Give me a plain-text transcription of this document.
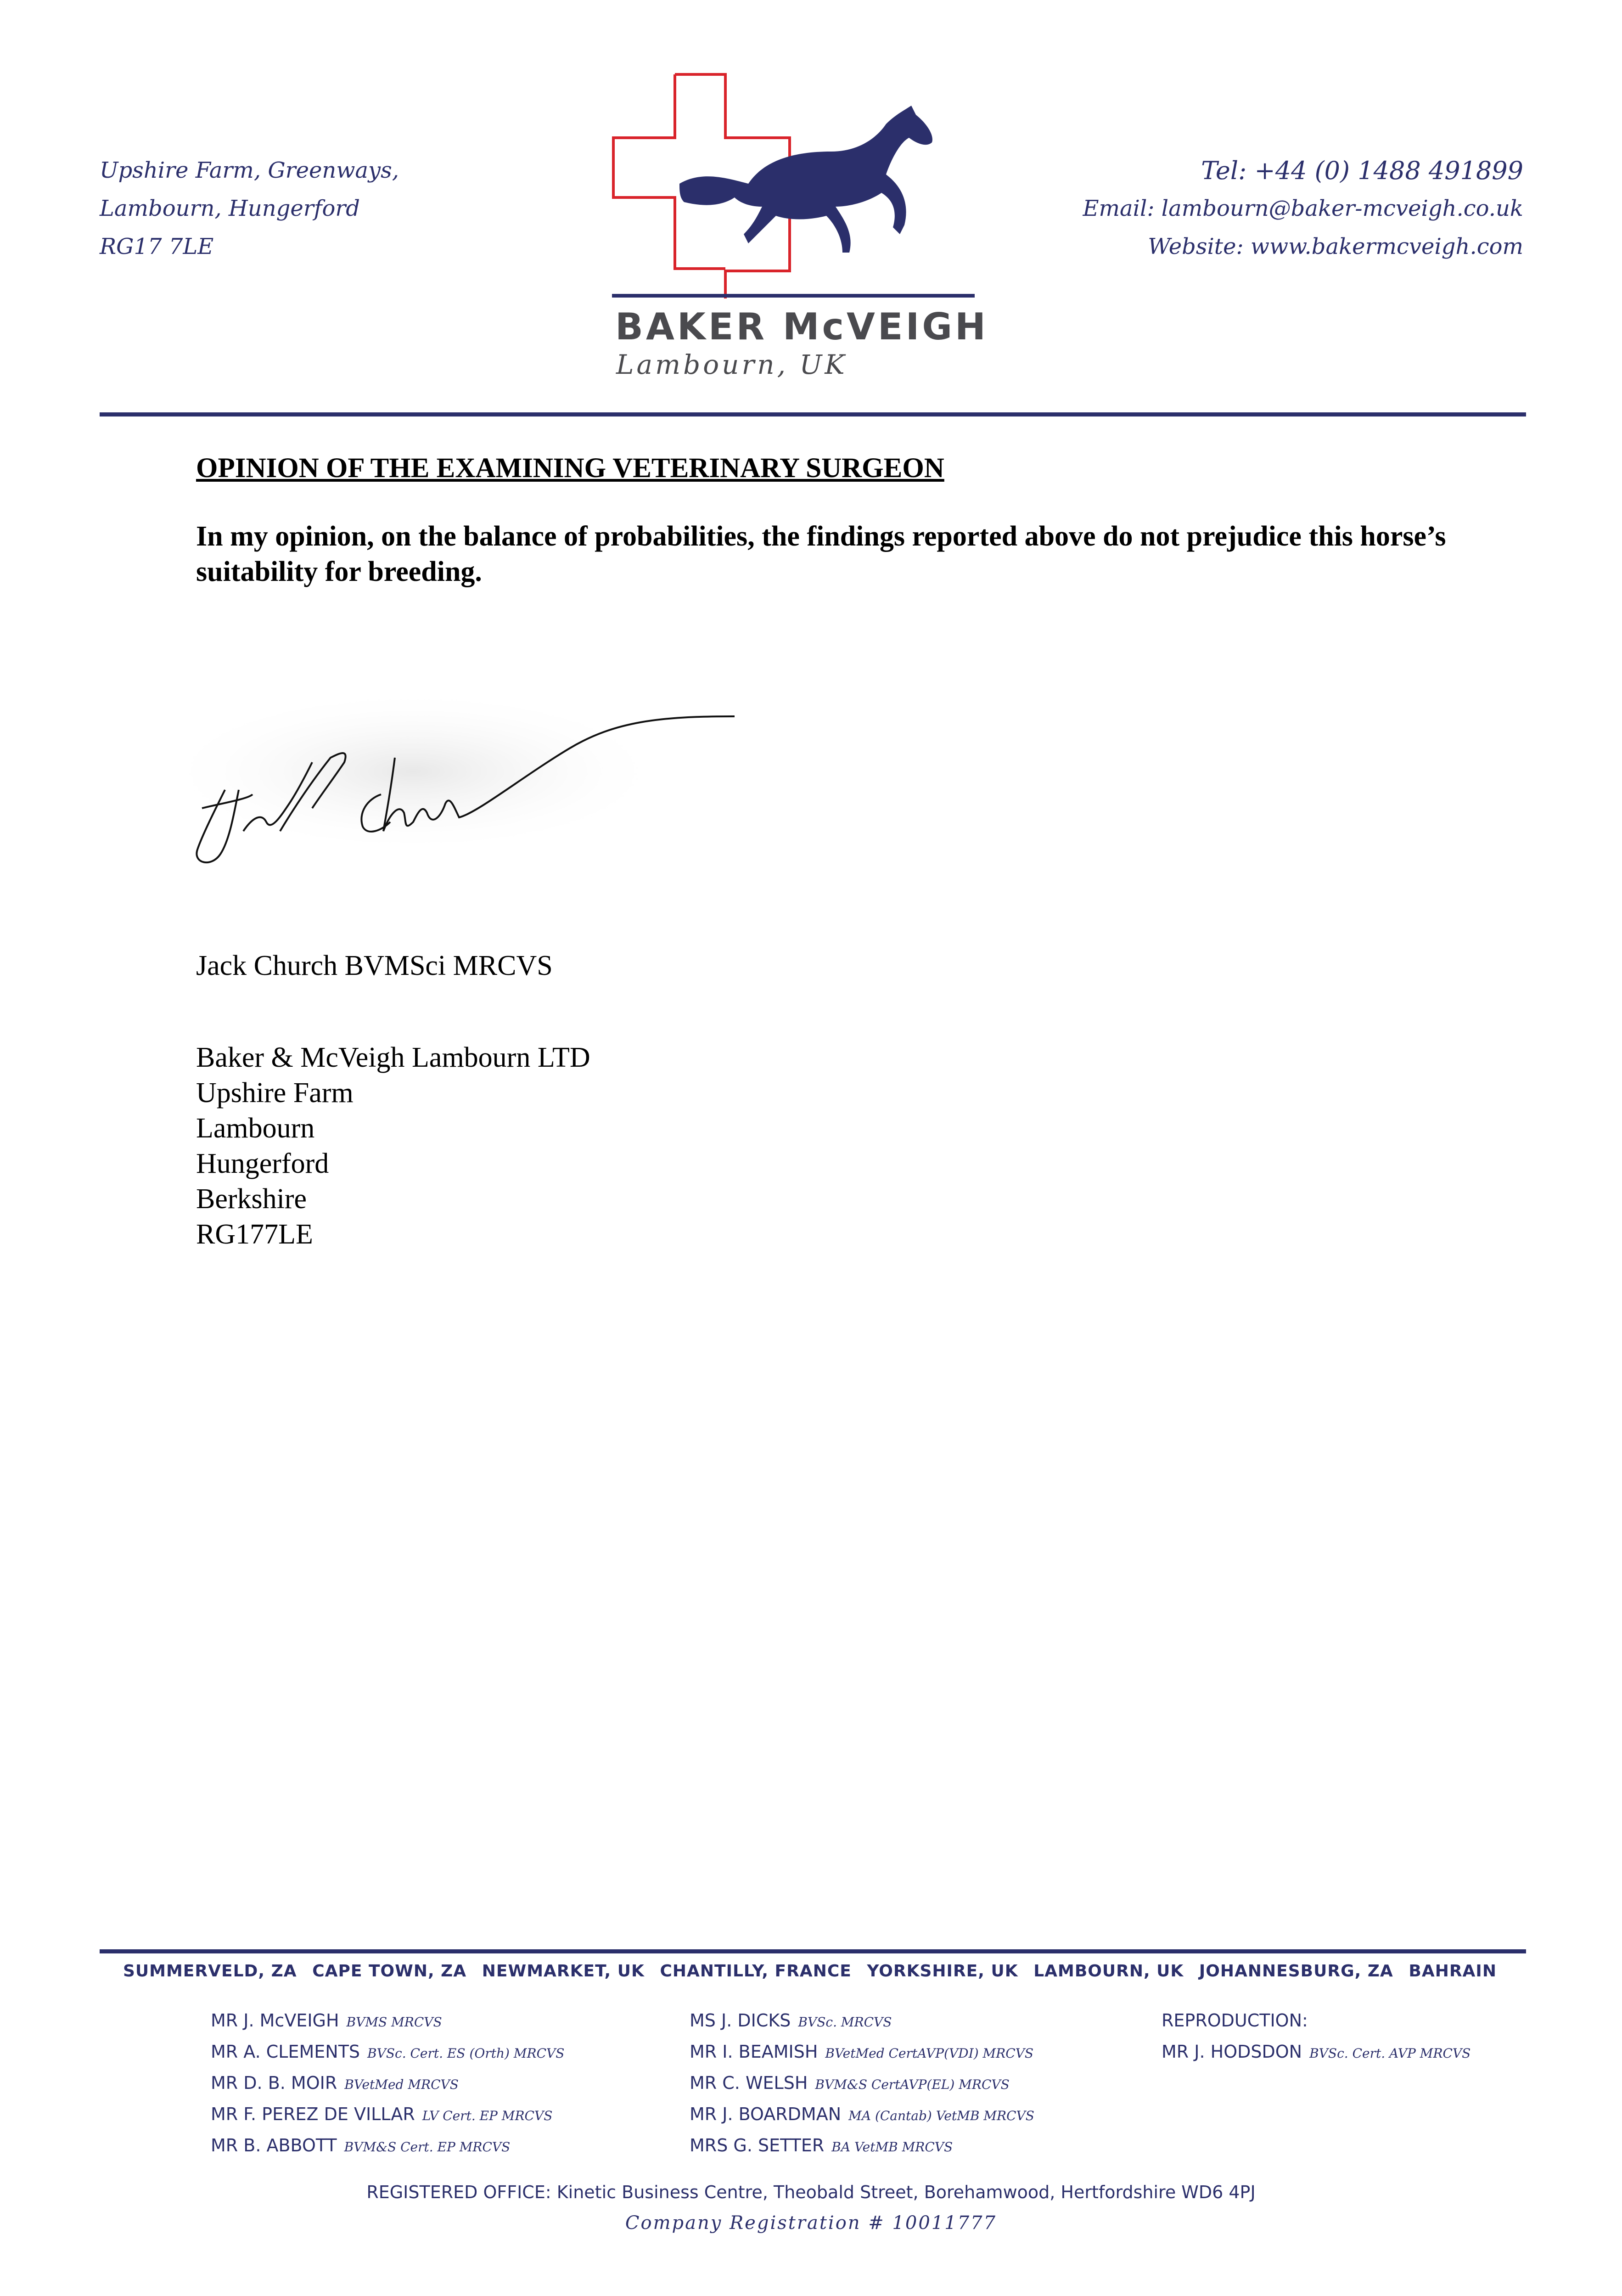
Upshire Farm, Greenways,
Lambourn, Hungerford
RG17 7LE
Tel: +44 (0) 1488 491899
Email: lambourn@baker-mcveigh.co.uk
Website: www.bakermcveigh.com
BAKER McVEIGH
Lambourn, UK
OPINION OF THE EXAMINING VETERINARY SURGEON
In my opinion, on the balance of probabilities, the findings reported above do not prejudice this horse’s suitability for breeding.
Jack Church BVMSci MRCVS
Baker & McVeigh Lambourn LTD
Upshire Farm
Lambourn
Hungerford
Berkshire
RG177LE
SUMMERVELD, ZA CAPE TOWN, ZA NEWMARKET, UK CHANTILLY, FRANCE YORKSHIRE, UK LAMBOURN, UK JOHANNESBURG, ZA BAHRAIN
MR J. McVEIGH BVMS MRCVS
MR A. CLEMENTS BVSc. Cert. ES (Orth) MRCVS
MR D. B. MOIR BVetMed MRCVS
MR F. PEREZ DE VILLAR LV Cert. EP MRCVS
MR B. ABBOTT BVM&S Cert. EP MRCVS
MS J. DICKS BVSc. MRCVS
MR I. BEAMISH BVetMed CertAVP(VDI) MRCVS
MR C. WELSH BVM&S CertAVP(EL) MRCVS
MR J. BOARDMAN MA (Cantab) VetMB MRCVS
MRS G. SETTER BA VetMB MRCVS
REPRODUCTION:
MR J. HODSDON BVSc. Cert. AVP MRCVS
REGISTERED OFFICE: Kinetic Business Centre, Theobald Street, Borehamwood, Hertfordshire WD6 4PJ
Company Registration # 10011777
